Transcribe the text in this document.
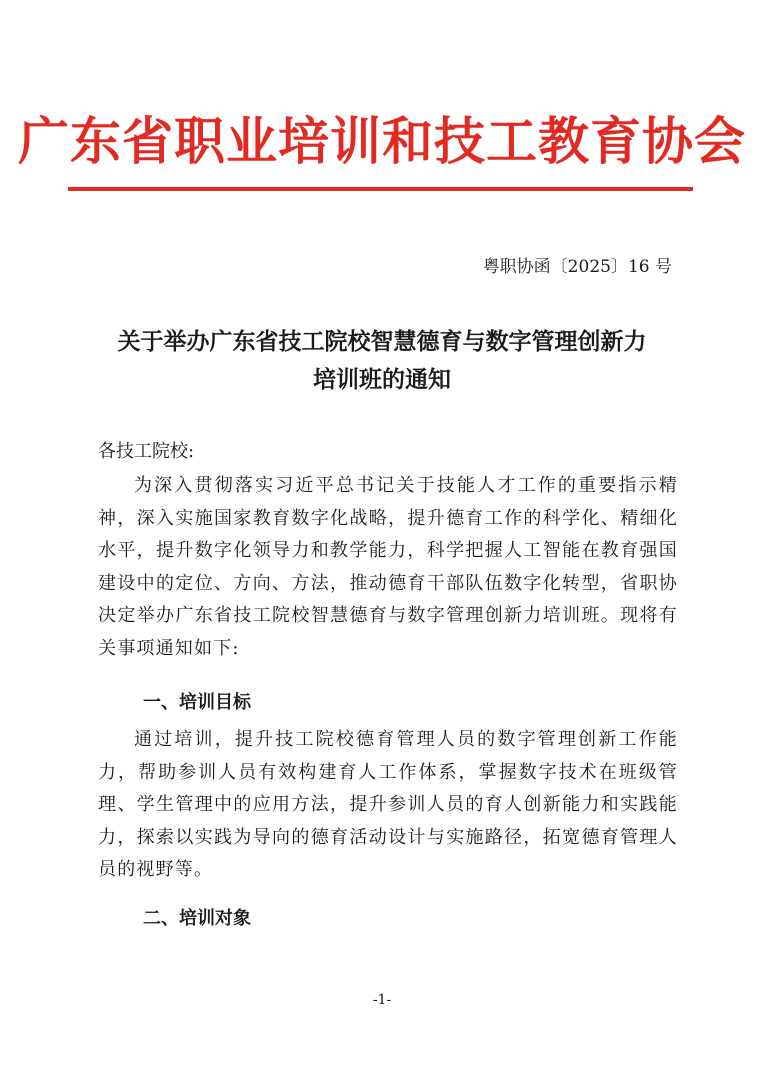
广东省职业培训和技工教育协会
粤职协函〔2025〕16 号
关于举办广东省技工院校智慧德育与数字管理创新力
培训班的通知
各技工院校:

为深入贯彻落实习近平总书记关于技能人才工作的重要指示精神，深入实施国家教育数字化战略，提升德育工作的科学化、精细化水平，提升数字化领导力和教学能力，科学把握人工智能在教育强国建设中的定位、方向、方法，推动德育干部队伍数字化转型，省职协决定举办广东省技工院校智慧德育与数字管理创新力培训班。现将有关事项通知如下:

一、培训目标

通过培训，提升技工院校德育管理人员的数字管理创新工作能力，帮助参训人员有效构建育人工作体系，掌握数字技术在班级管理、学生管理中的应用方法，提升参训人员的育人创新能力和实践能力，探索以实践为导向的德育活动设计与实施路径，拓宽德育管理人员的视野等。

二、培训对象
-1-
